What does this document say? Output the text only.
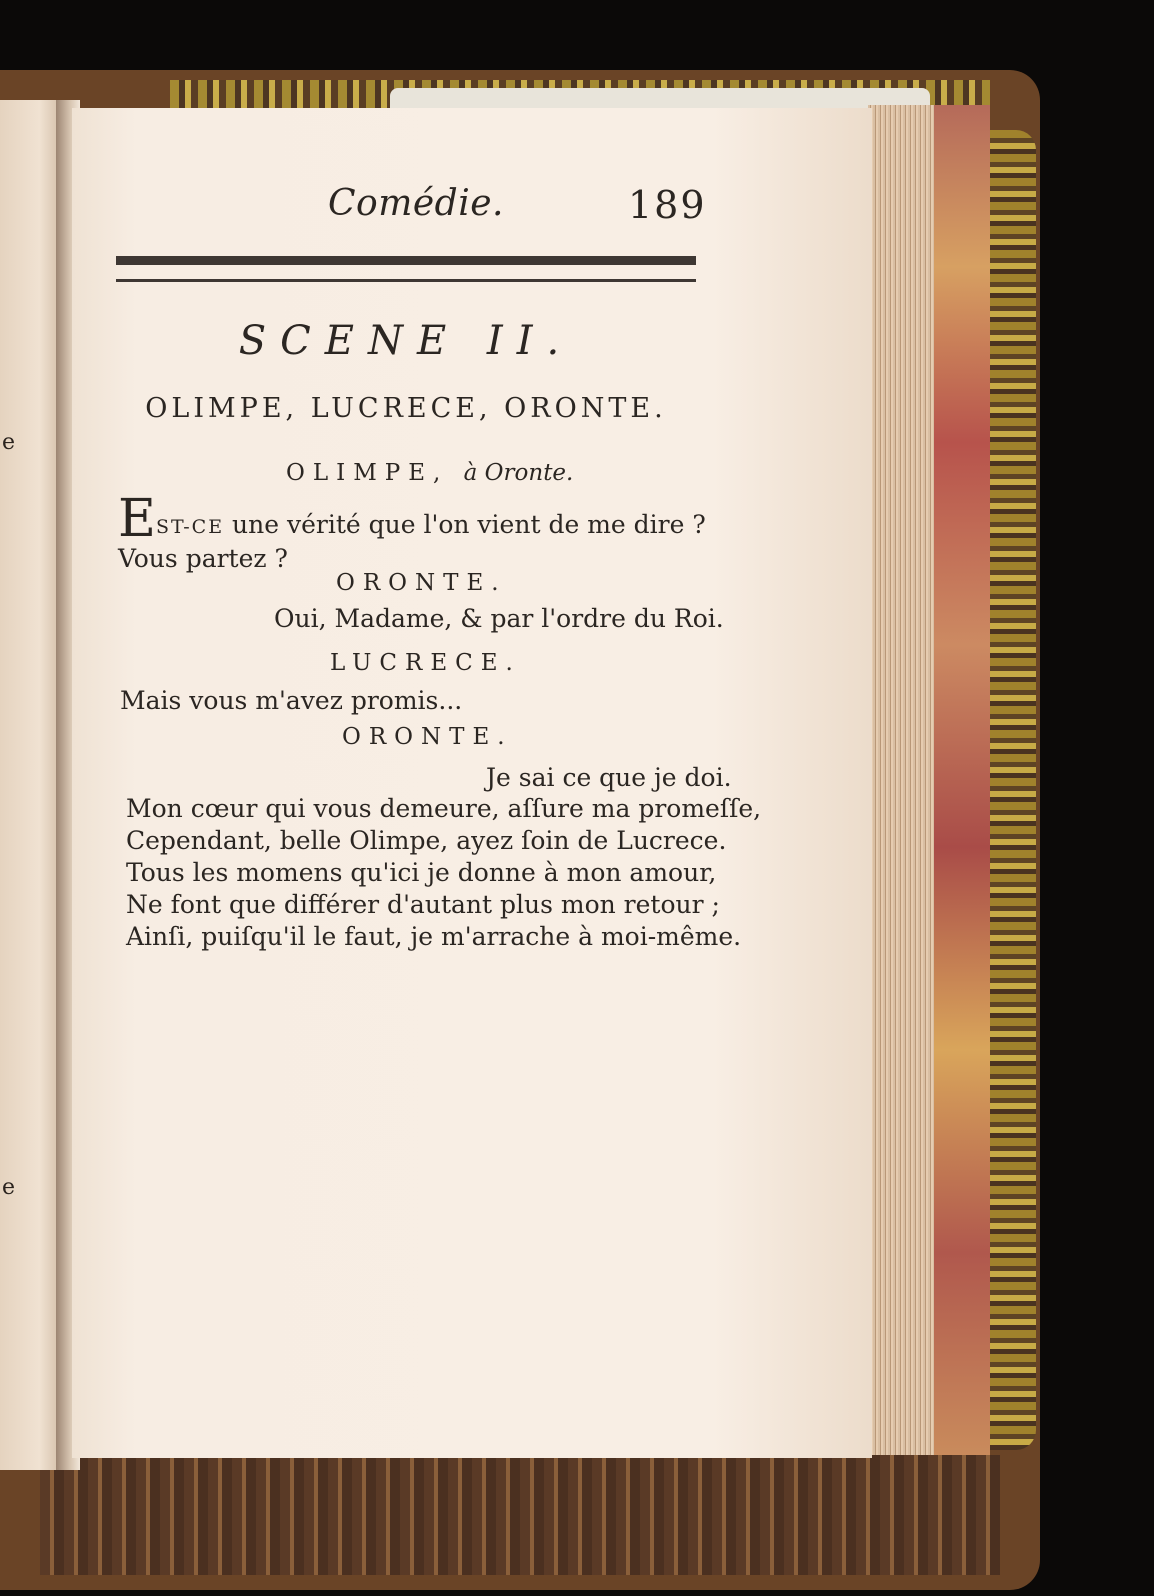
e
e
Comédie.	189
SCENE II.
OLIMPE, LUCRECE, ORONTE.
OLIMPE, à Oronte.
E ST-CE une vérité que l'on vient de me dire ?
Vous partez ?
ORONTE.
Oui, Madame, & par l'ordre du Roi.
LUCRECE.
Mais vous m'avez promis...
ORONTE.
Je sai ce que je doi.
Mon cœur qui vous demeure, aſſure ma promeſſe,
Cependant, belle Olimpe, ayez ſoin de Lucrece.
Tous les momens qu'ici je donne à mon amour,
Ne font que différer d'autant plus mon retour ;
Ainſi, puiſqu'il le faut, je m'arrache à moi-même.
